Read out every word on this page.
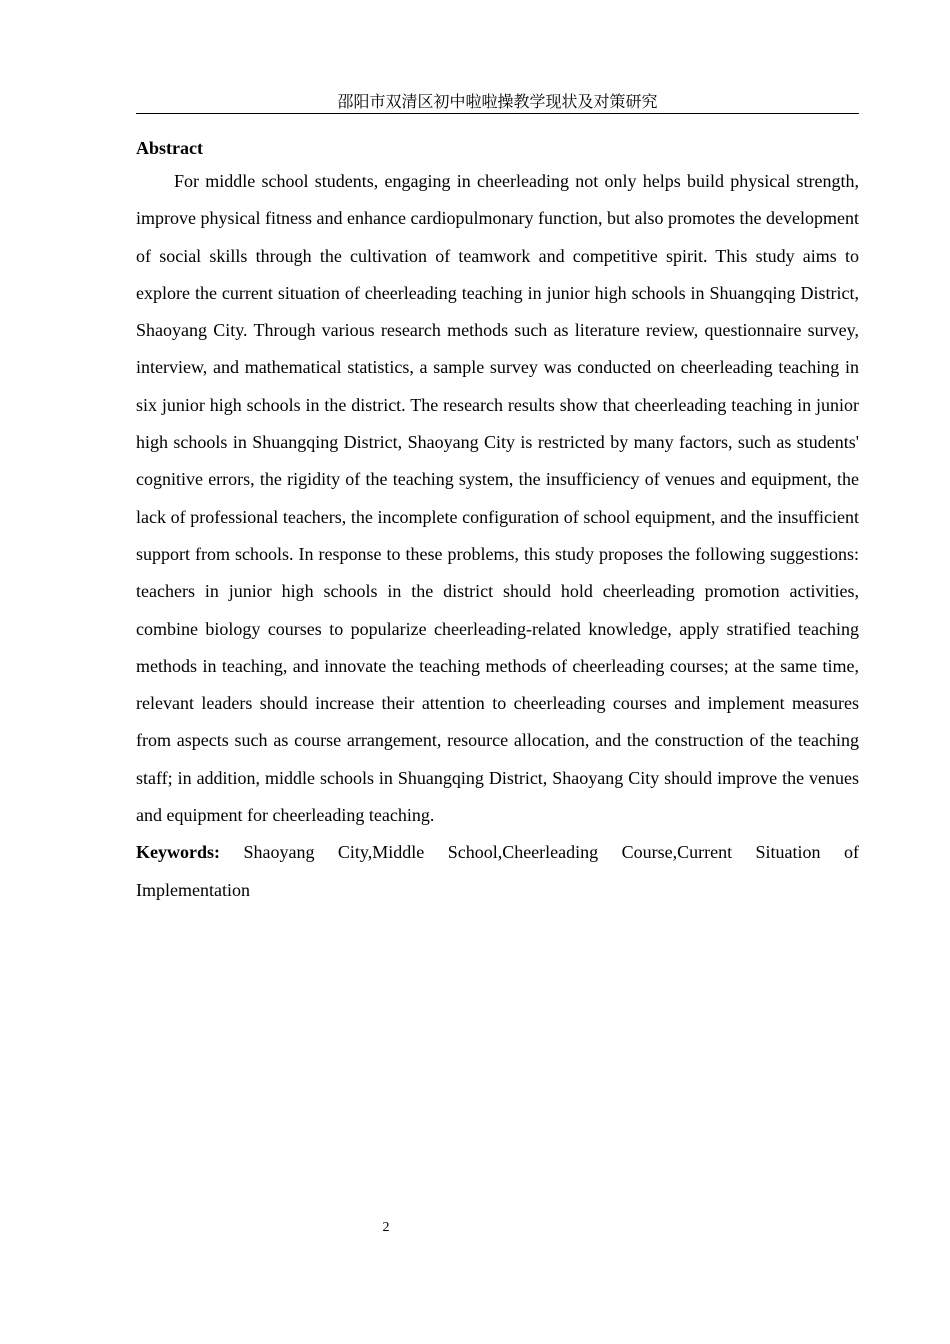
邵阳市双清区初中啦啦操教学现状及对策研究

Abstract

For middle school students, engaging in cheerleading not only helps build physical strength, improve physical fitness and enhance cardiopulmonary function, but also promotes the development of social skills through the cultivation of teamwork and competitive spirit. This study aims to explore the current situation of cheerleading teaching in junior high schools in Shuangqing District, Shaoyang City. Through various research methods such as literature review, questionnaire survey, interview, and mathematical statistics, a sample survey was conducted on cheerleading teaching in six junior high schools in the district. The research results show that cheerleading teaching in junior high schools in Shuangqing District, Shaoyang City is restricted by many factors, such as students' cognitive errors, the rigidity of the teaching system, the insufficiency of venues and equipment, the lack of professional teachers, the incomplete configuration of school equipment, and the insufficient support from schools. In response to these problems, this study proposes the following suggestions: teachers in junior high schools in the district should hold cheerleading promotion activities, combine biology courses to popularize cheerleading-related knowledge, apply stratified teaching methods in teaching, and innovate the teaching methods of cheerleading courses; at the same time, relevant leaders should increase their attention to cheerleading courses and implement measures from aspects such as course arrangement, resource allocation, and the construction of the teaching staff; in addition, middle schools in Shuangqing District, Shaoyang City should improve the venues and equipment for cheerleading teaching.

Keywords: Shaoyang City,Middle School,Cheerleading Course,Current Situation of Implementation

2
